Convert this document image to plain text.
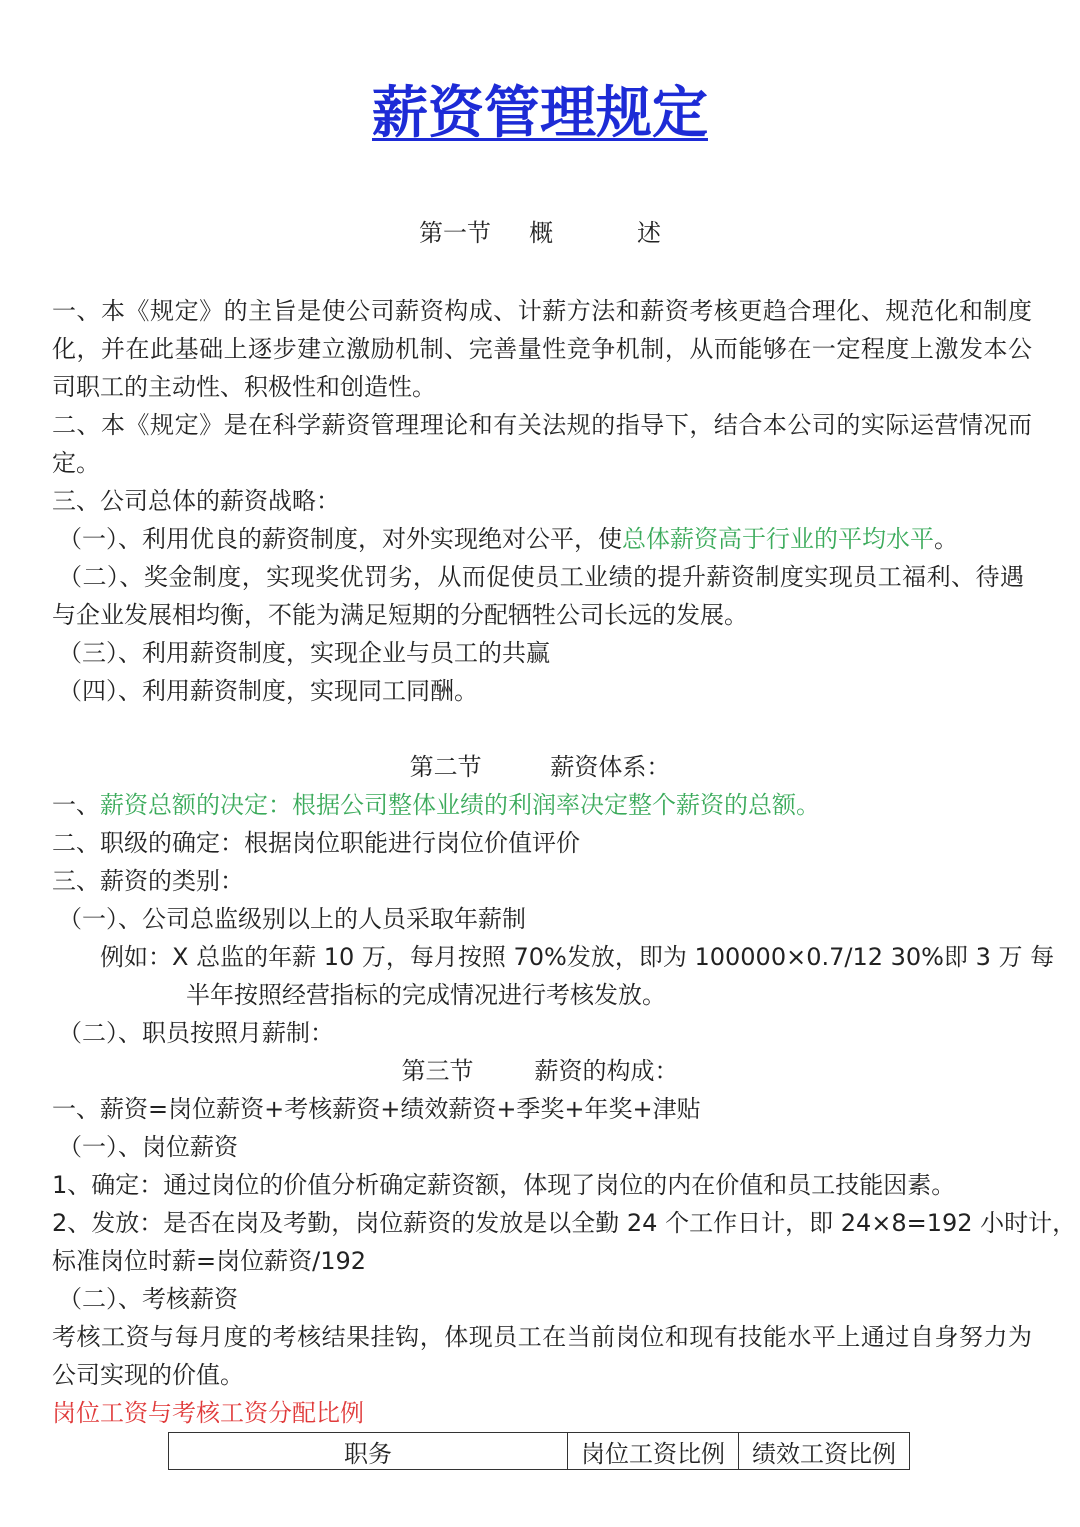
薪资管理规定
第一节     概           述
一、本《规定》的主旨是使公司薪资构成、计薪方法和薪资考核更趋合理化、规范化和制度
化，并在此基础上逐步建立激励机制、完善量性竞争机制，从而能够在一定程度上激发本公
司职工的主动性、积极性和创造性。
二、本《规定》是在科学薪资管理理论和有关法规的指导下，结合本公司的实际运营情况而
定。
三、公司总体的薪资战略：
（一）、利用优良的薪资制度，对外实现绝对公平，使总体薪资高于行业的平均水平。
（二）、奖金制度，实现奖优罚劣，从而促使员工业绩的提升薪资制度实现员工福利、待遇
与企业发展相均衡，不能为满足短期的分配牺牲公司长远的发展。
（三）、利用薪资制度，实现企业与员工的共赢
（四）、利用薪资制度，实现同工同酬。
第二节         薪资体系：
一、薪资总额的决定：根据公司整体业绩的利润率决定整个薪资的总额。
二、职级的确定：根据岗位职能进行岗位价值评价
三、薪资的类别：
（一）、公司总监级别以上的人员采取年薪制
例如：X 总监的年薪 10 万，每月按照 70%发放，即为 100000×0.7/12 30%即 3 万 每
半年按照经营指标的完成情况进行考核发放。
（二）、职员按照月薪制：
第三节        薪资的构成：
一、薪资=岗位薪资+考核薪资+绩效薪资+季奖+年奖+津贴
（一）、岗位薪资
1、确定：通过岗位的价值分析确定薪资额，体现了岗位的内在价值和员工技能因素。
2、发放：是否在岗及考勤，岗位薪资的发放是以全勤 24 个工作日计，即 24×8=192 小时计，
标准岗位时薪=岗位薪资/192
（二）、考核薪资
考核工资与每月度的考核结果挂钩，体现员工在当前岗位和现有技能水平上通过自身努力为
公司实现的价值。
岗位工资与考核工资分配比例
职务	岗位工资比例	绩效工资比例
